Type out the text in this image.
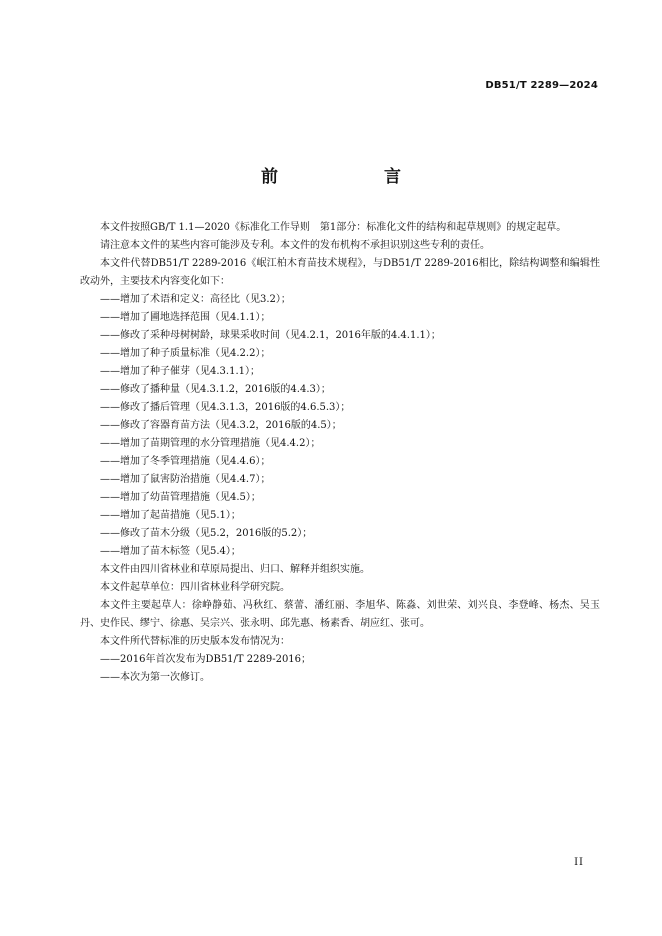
DB51/T 2289—2024
前　　言

本文件按照GB/T 1.1—2020《标准化工作导则　第1部分：标准化文件的结构和起草规则》的规定起草。

请注意本文件的某些内容可能涉及专利。本文件的发布机构不承担识别这些专利的责任。

本文件代替DB51/T 2289-2016《岷江柏木育苗技术规程》，与DB51/T 2289-2016相比，除结构调整和编辑性改动外，主要技术内容变化如下：

——增加了术语和定义：高径比（见3.2）；

——增加了圃地选择范围（见4.1.1）；

——修改了采种母树树龄，球果采收时间（见4.2.1，2016年版的4.4.1.1）；

——增加了种子质量标准（见4.2.2）；

——增加了种子催芽（见4.3.1.1）；

——修改了播种量（见4.3.1.2，2016版的4.4.3）；

——修改了播后管理（见4.3.1.3，2016版的4.6.5.3）；

——修改了容器育苗方法（见4.3.2，2016版的4.5）；

——增加了苗期管理的水分管理措施（见4.4.2）；

——增加了冬季管理措施（见4.4.6）；

——增加了鼠害防治措施（见4.4.7）；

——增加了幼苗管理措施（见4.5）；

——增加了起苗措施（见5.1）；

——修改了苗木分级（见5.2，2016版的5.2）；

——增加了苗木标签（见5.4）；

本文件由四川省林业和草原局提出、归口、解释并组织实施。

本文件起草单位：四川省林业科学研究院。

本文件主要起草人：徐峥静茹、冯秋红、蔡蕾、潘红丽、李旭华、陈淼、刘世荣、刘兴良、李登峰、杨杰、吴玉丹、史作民、缪宁、徐惠、吴宗兴、张永明、邱先惠、杨素香、胡应红、张可。

本文件所代替标准的历史版本发布情况为：

——2016年首次发布为DB51/T 2289-2016；

——本次为第一次修订。

II
